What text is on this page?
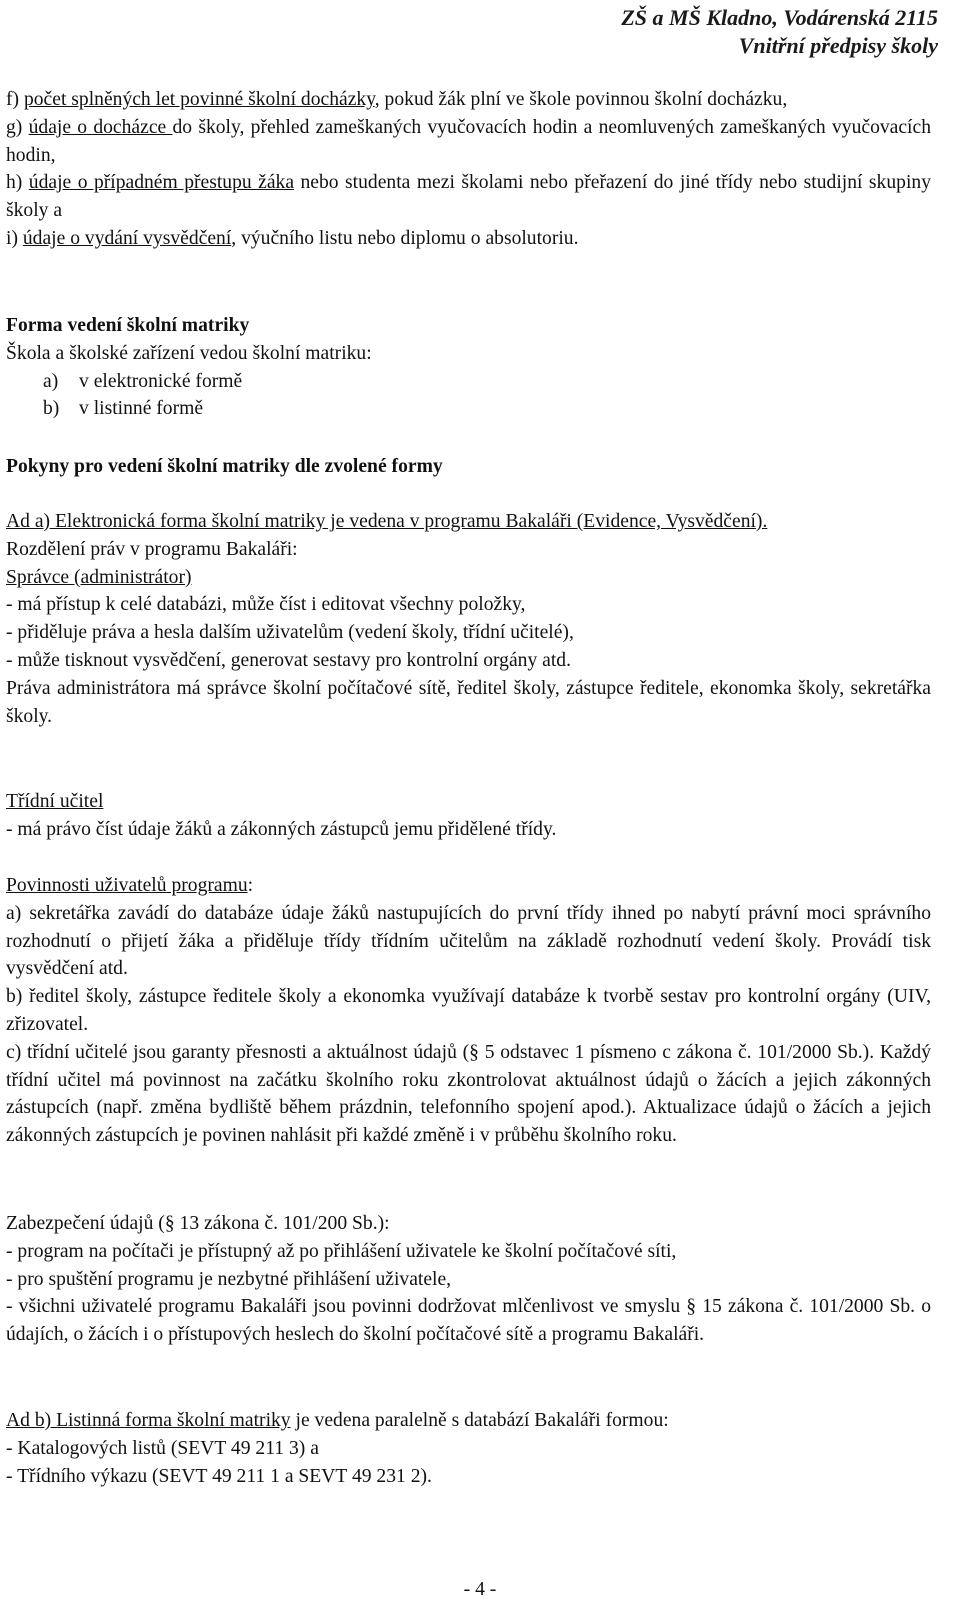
ZŠ a MŠ Kladno, Vodárenská 2115
Vnitřní předpisy školy

f) počet splněných let povinné školní docházky, pokud žák plní ve škole povinnou školní docházku,

g) údaje o docházce do školy, přehled zameškaných vyučovacích hodin a neomluvených zameškaných vyučovacích hodin,

h) údaje o případném přestupu žáka nebo studenta mezi školami nebo přeřazení do jiné třídy nebo studijní skupiny školy a

i) údaje o vydání vysvědčení, výučního listu nebo diplomu o absolutoriu.

Forma vedení školní matriky

Škola a školské zařízení vedou školní matriku:

a) v elektronické formě

b) v listinné formě

Pokyny pro vedení školní matriky dle zvolené formy

Ad a) Elektronická forma školní matriky je vedena v programu Bakaláři (Evidence, Vysvědčení).

Rozdělení práv v programu Bakaláři:

Správce (administrátor)

- má přístup k celé databázi, může číst i editovat všechny položky,

- přiděluje práva a hesla dalším uživatelům (vedení školy, třídní učitelé),

- může tisknout vysvědčení, generovat sestavy pro kontrolní orgány atd.

Práva administrátora má správce školní počítačové sítě, ředitel školy, zástupce ředitele, ekonomka školy, sekretářka školy.

Třídní učitel

- má právo číst údaje žáků a zákonných zástupců jemu přidělené třídy.

Povinnosti uživatelů programu:

a) sekretářka zavádí do databáze údaje žáků nastupujících do první třídy ihned po nabytí právní moci správního rozhodnutí o přijetí žáka a přiděluje třídy třídním učitelům na základě rozhodnutí vedení školy. Provádí tisk vysvědčení atd.

b) ředitel školy, zástupce ředitele školy a ekonomka využívají databáze k tvorbě sestav pro kontrolní orgány (UIV, zřizovatel.

c) třídní učitelé jsou garanty přesnosti a aktuálnost údajů (§ 5 odstavec 1 písmeno c zákona č. 101/2000 Sb.). Každý třídní učitel má povinnost na začátku školního roku zkontrolovat aktuálnost údajů o žácích a jejich zákonných zástupcích (např. změna bydliště během prázdnin, telefonního spojení apod.). Aktualizace údajů o žácích a jejich zákonných zástupcích je povinen nahlásit při každé změně i v průběhu školního roku.

Zabezpečení údajů (§ 13 zákona č. 101/200 Sb.):

- program na počítači je přístupný až po přihlášení uživatele ke školní počítačové síti,

- pro spuštění programu je nezbytné přihlášení uživatele,

- všichni uživatelé programu Bakaláři jsou povinni dodržovat mlčenlivost ve smyslu § 15 zákona č. 101/2000 Sb. o údajích, o žácích i o přístupových heslech do školní počítačové sítě a programu Bakaláři.

Ad b) Listinná forma školní matriky je vedena paralelně s databází Bakaláři formou:

- Katalogových listů (SEVT 49 211 3) a

- Třídního výkazu (SEVT 49 211 1 a SEVT 49 231 2).

- 4 -
